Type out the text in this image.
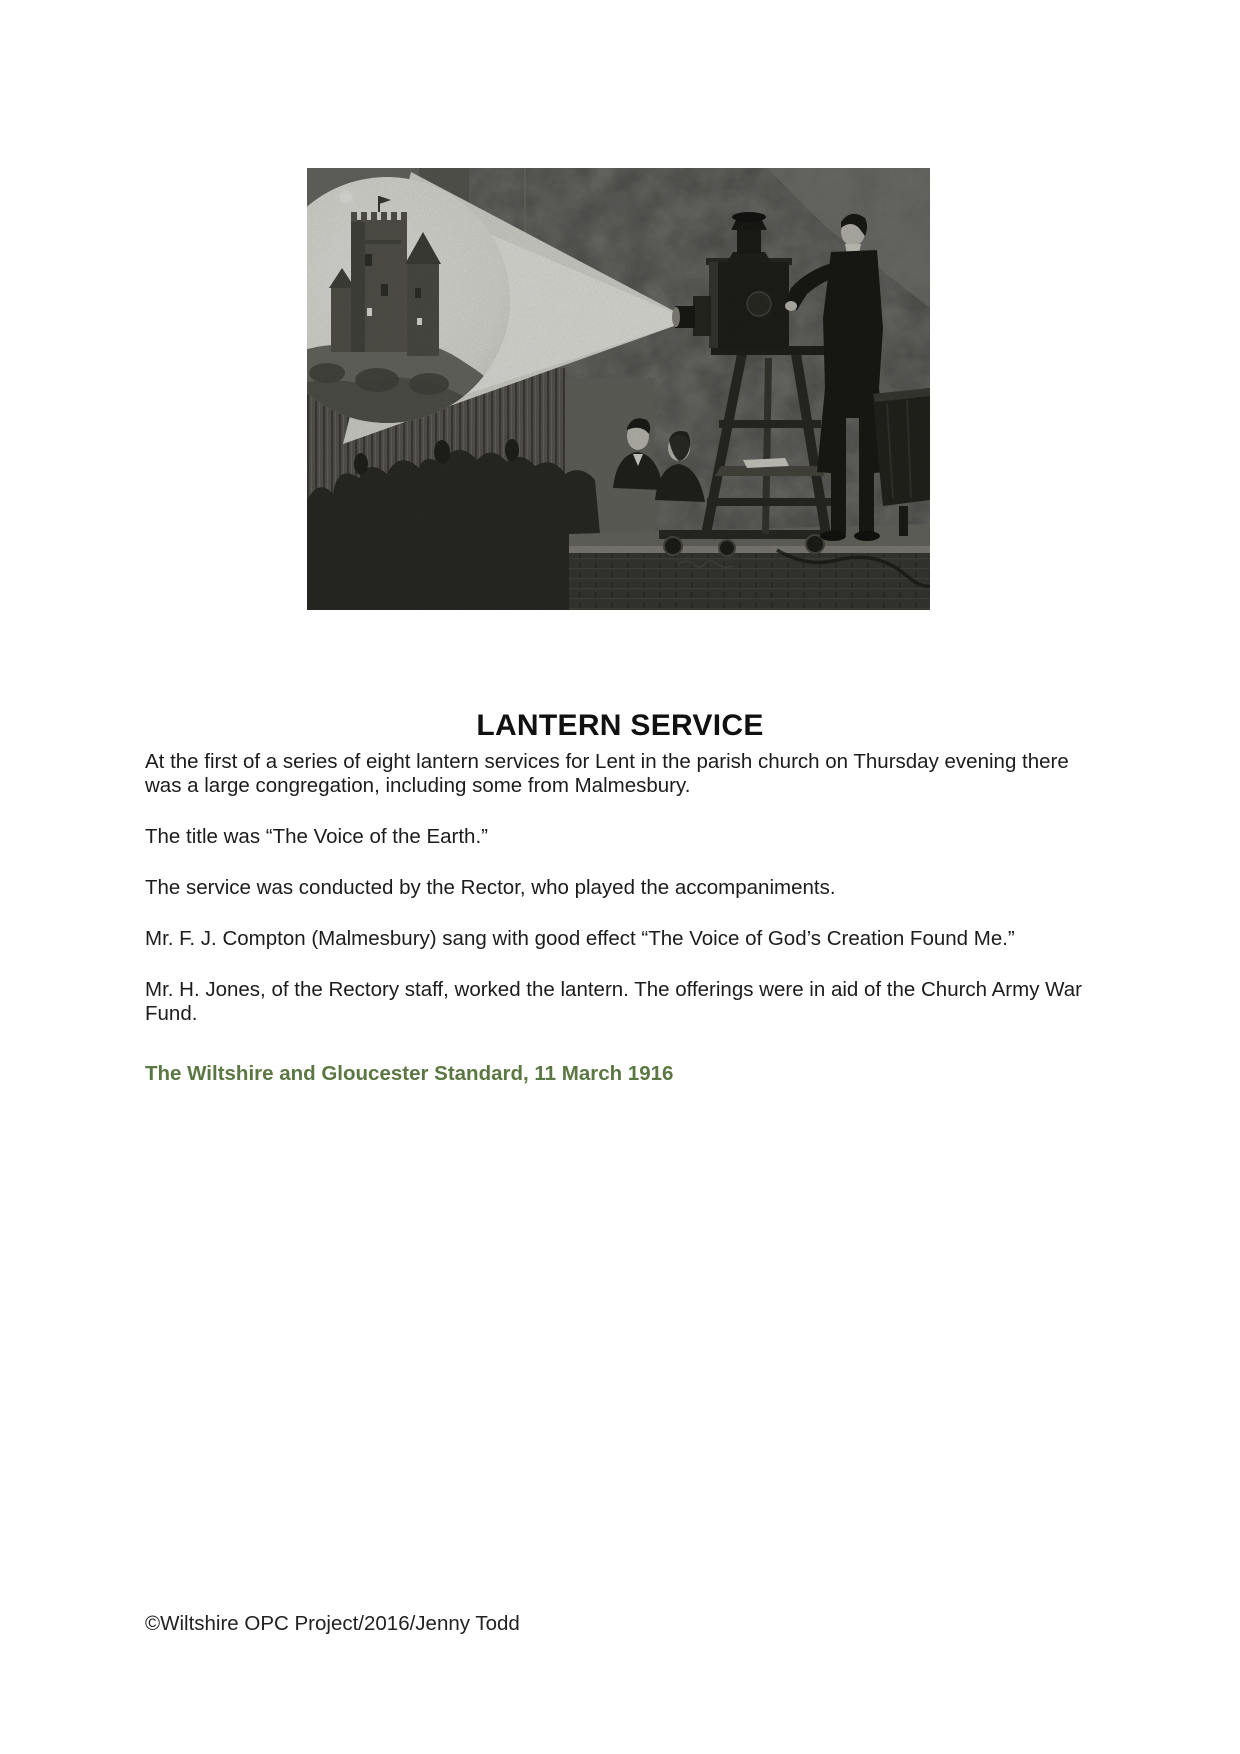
LANTERN SERVICE

At the first of a series of eight lantern services for Lent in the parish church on Thursday evening there was a large congregation, including some from Malmesbury.

The title was “The Voice of the Earth.”

The service was conducted by the Rector, who played the accompaniments.

Mr. F. J. Compton (Malmesbury) sang with good effect “The Voice of God’s Creation Found Me.”

Mr. H. Jones, of the Rectory staff, worked the lantern. The offerings were in aid of the Church Army War Fund.

The Wiltshire and Gloucester Standard, 11 March 1916
©Wiltshire OPC Project/2016/Jenny Todd
